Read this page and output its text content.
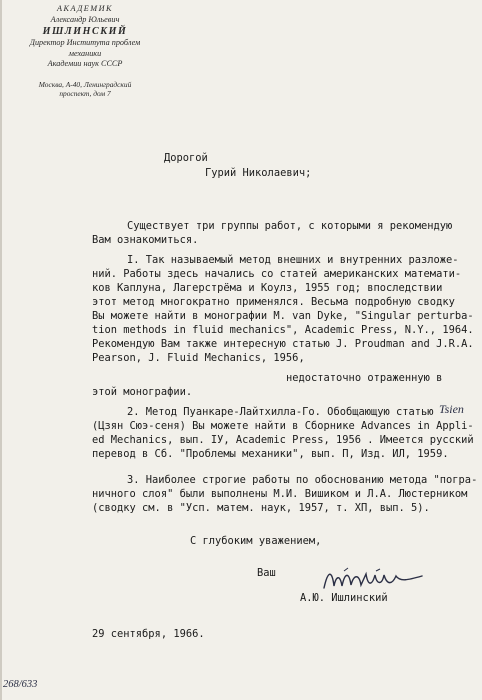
АКАДЕМИК
Александр Юльевич
ИШЛИНСКИЙ
Директор Института проблем
механики
Академии наук СССР
Москва, А-40, Ленинградский
проспект, дом 7
Дорогой
Гурий Николаевич;
Существует три группы работ, с которыми я рекомендую
Вам ознакомиться.
I. Так называемый метод внешних и внутренних разложе-
ний. Работы здесь начались со статей американских математи-
ков Каплуна, Лагерстрёма и Коулз, 1955 год; впоследствии
этот метод многократно применялся. Весьма подробную сводку
Вы можете найти в монографии M. van Dyke, "Singular perturba-
tion methods in fluid mechanics", Academic Press, N.Y., 1964.
Рекомендую Вам также интересную статью J. Proudman and J.R.A.
Pearson, J. Fluid Mechanics, 1956,
недостаточно отраженную в
этой монографии.
2. Метод Пуанкаре-Лайтхилла-Го. Обобщающую статью Tsien
(Цзян Сюэ-сеня) Вы можете найти в Сборнике Advances in Appli-
ed Mechanics, вып. IУ, Academic Press, 1956 . Имеется русский
перевод в Сб. "Проблемы механики", вып. П, Изд. ИЛ, 1959.
3. Наиболее строгие работы по обоснованию метода "погра-
ничного слоя" были выполнены М.И. Вишиком и Л.А. Люстерником
(сводку см. в "Усп. матем. наук, 1957, т. ХП, вып. 5).
С глубоким уважением,
Ваш
А.Ю. Ишлинский
29 сентября, 1966.
268/633
